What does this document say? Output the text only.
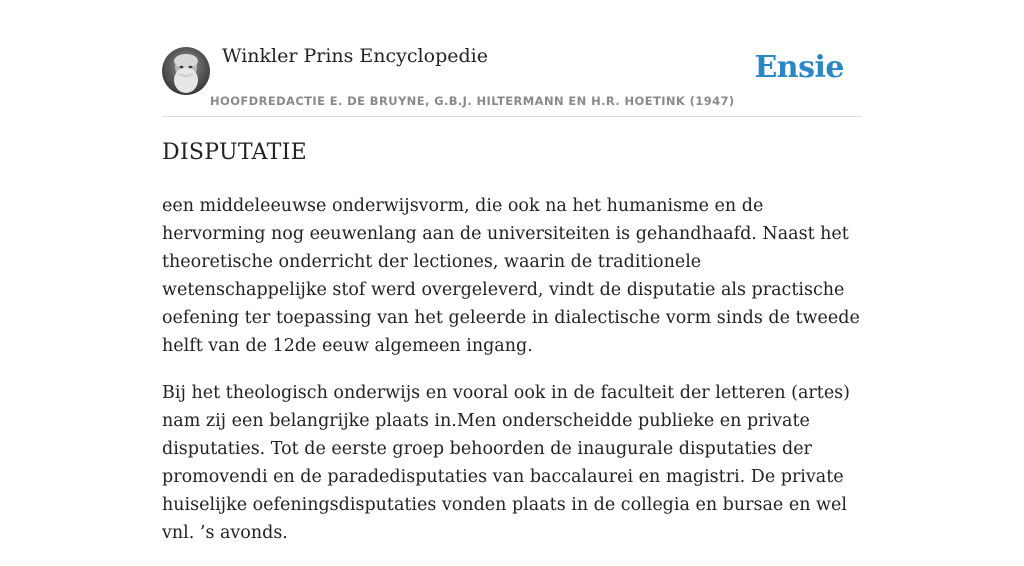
Winkler Prins Encyclopedie
HOOFDREDACTIE E. DE BRUYNE, G.B.J. HILTERMANN EN H.R. HOETINK (1947)
Ensie
DISPUTATIE

een middeleeuwse onderwijsvorm, die ook na het humanisme en de hervorming nog eeuwenlang aan de universiteiten is gehandhaafd. Naast het theoretische onderricht der lectiones, waarin de traditionele wetenschappelijke stof werd overgeleverd, vindt de disputatie als practische oefening ter toepassing van het geleerde in dialectische vorm sinds de tweede helft van de 12de eeuw algemeen ingang.

Bij het theologisch onderwijs en vooral ook in de faculteit der letteren (artes) nam zij een belangrijke plaats in.Men onderscheidde publieke en private disputaties. Tot de eerste groep behoorden de inaugurale disputaties der promovendi en de paradedisputaties van baccalaurei en magistri. De private huiselijke oefeningsdisputaties vonden plaats in de collegia en bursae en wel vnl. ’s avonds.
